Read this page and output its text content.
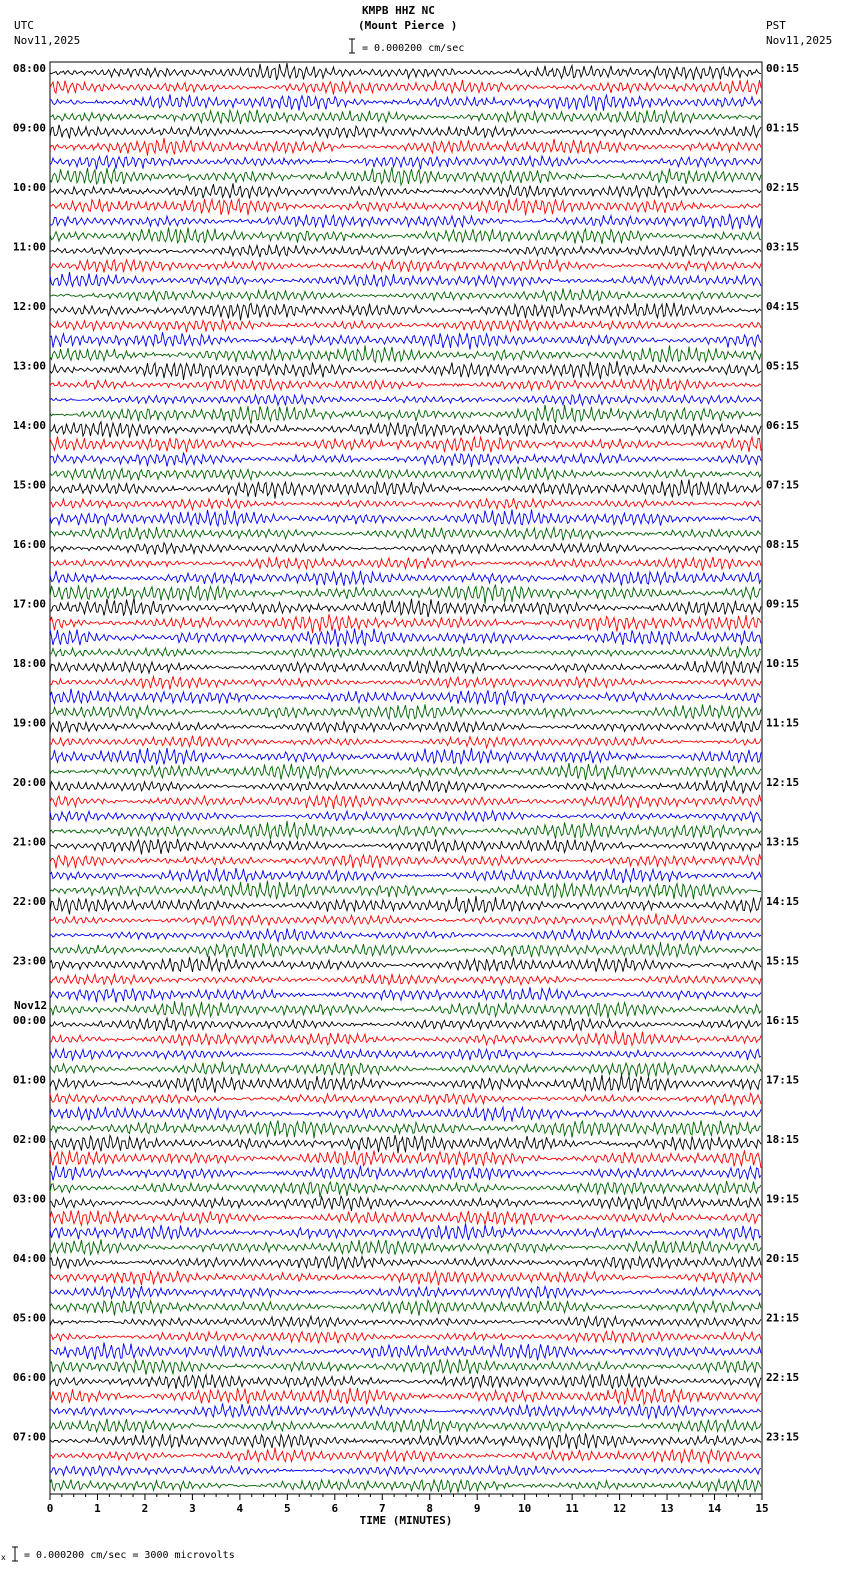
KMPB HHZ NC
(Mount Pierce )
UTC
Nov11,2025
PST
Nov11,2025
= 0.000200 cm/sec
08:00	00:15
09:00	01:15
10:00	02:15
11:00	03:15
12:00	04:15
13:00	05:15
14:00	06:15
15:00	07:15
16:00	08:15
17:00	09:15
18:00	10:15
19:00	11:15
20:00	12:15
21:00	13:15
22:00	14:15
23:00	15:15
00:00	16:15
Nov12
01:00	17:15
02:00	18:15
03:00	19:15
04:00	20:15
05:00	21:15
06:00	22:15
07:00	23:15
0	1	2	3	4	5	6	7	8	9	10	11	12	13	14	15
TIME (MINUTES)
x = 0.000200 cm/sec = 3000 microvolts
